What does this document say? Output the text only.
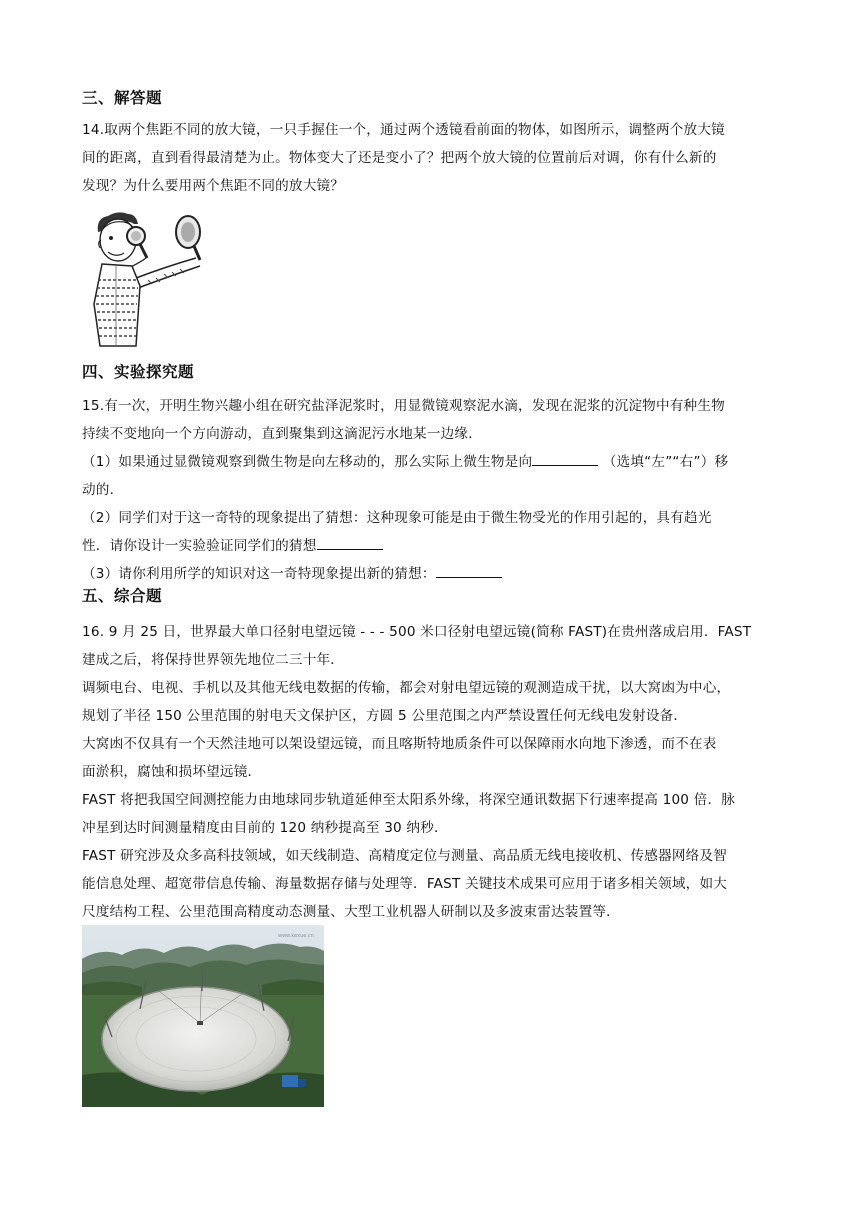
三、解答题
14.取两个焦距不同的放大镜，一只手握住一个，通过两个透镜看前面的物体，如图所示，调整两个放大镜
间的距离，直到看得最清楚为止。物体变大了还是变小了？把两个放大镜的位置前后对调，你有什么新的
发现？为什么要用两个焦距不同的放大镜？
四、实验探究题
15.有一次，开明生物兴趣小组在研究盐泽泥浆时，用显微镜观察泥水滴，发现在泥浆的沉淀物中有种生物
持续不变地向一个方向游动，直到聚集到这滴泥污水地某一边缘．
（1）如果通过显微镜观察到微生物是向左移动的，那么实际上微生物是向	（选填“左”“右”）移
动的．
（2）同学们对于这一奇特的现象提出了猜想：这种现象可能是由于微生物受光的作用引起的，具有趋光
性．请你设计一实验验证同学们的猜想
（3）请你利用所学的知识对这一奇特现象提出新的猜想：
五、综合题
16. 9 月 25 日，世界最大单口径射电望远镜 - - - 500 米口径射电望远镜(简称 FAST)在贵州落成启用．FAST
建成之后，将保持世界领先地位二三十年．
调频电台、电视、手机以及其他无线电数据的传输，都会对射电望远镜的观测造成干扰，以大窝凼为中心，
规划了半径 150 公里范围的射电天文保护区，方圆 5 公里范围之内严禁设置任何无线电发射设备．
大窝凼不仅具有一个天然洼地可以架设望远镜，而且喀斯特地质条件可以保障雨水向地下渗透，而不在表
面淤积，腐蚀和损坏望远镜．
FAST 将把我国空间测控能力由地球同步轨道延伸至太阳系外缘，将深空通讯数据下行速率提高 100 倍．脉
冲星到达时间测量精度由目前的 120 纳秒提高至 30 纳秒．
FAST 研究涉及众多高科技领域，如天线制造、高精度定位与测量、高品质无线电接收机、传感器网络及智
能信息处理、超宽带信息传输、海量数据存储与处理等．FAST 关键技术成果可应用于诸多相关领域，如大
尺度结构工程、公里范围高精度动态测量、大型工业机器人研制以及多波束雷达装置等．
www.kexue.cn
